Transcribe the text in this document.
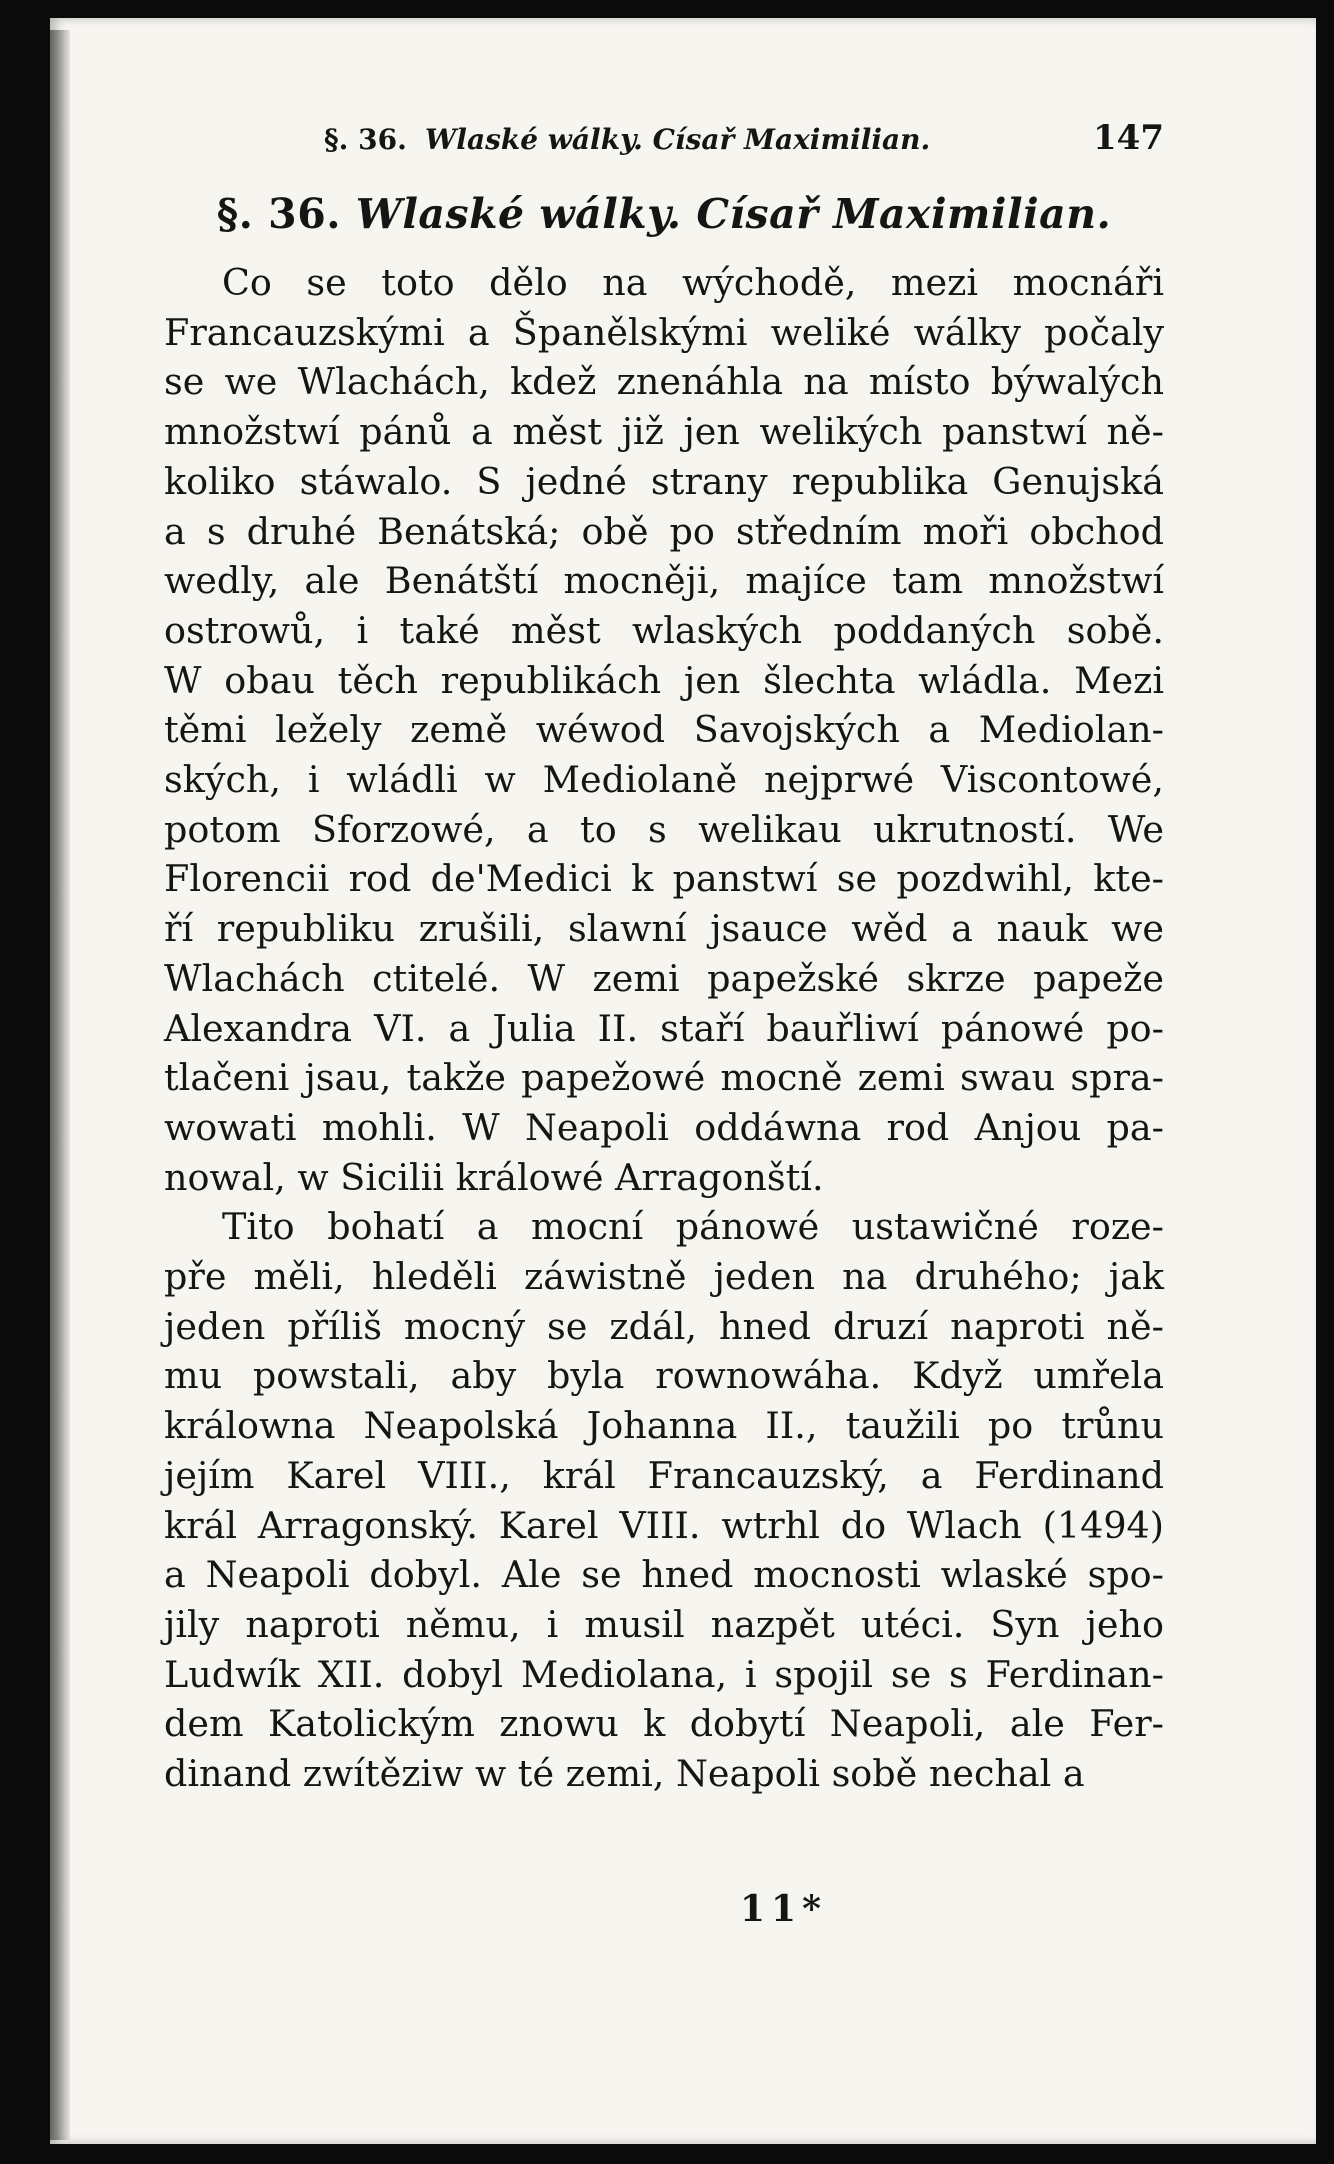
§. 36. Wlaské wálky. Císař Maximilian.	147
§. 36. Wlaské wálky. Císař Maximilian.
Co se toto dělo na wýchodě, mezi mocnáři
Francauzskými a Španělskými weliké wálky počaly
se we Wlachách, kdež znenáhla na místo býwalých
množstwí pánů a měst již jen welikých panstwí ně-
koliko stáwalo. S jedné strany republika Genujská
a s druhé Benátská; obě po středním moři obchod
wedly, ale Benátští mocněji, majíce tam množstwí
ostrowů, i také měst wlaských poddaných sobě.
W obau těch republikách jen šlechta wládla. Mezi
těmi ležely země wéwod Savojských a Mediolan-
ských, i wládli w Mediolaně nejprwé Viscontowé,
potom Sforzowé, a to s welikau ukrutností. We
Florencii rod de'Medici k panstwí se pozdwihl, kte-
ří republiku zrušili, slawní jsauce wěd a nauk we
Wlachách ctitelé. W zemi papežské skrze papeže
Alexandra VI. a Julia II. staří bauřliwí pánowé po-
tlačeni jsau, takže papežowé mocně zemi swau spra-
wowati mohli. W Neapoli oddáwna rod Anjou pa-
nowal, w Sicilii králowé Arragonští.
Tito bohatí a mocní pánowé ustawičné roze-
pře měli, hleděli záwistně jeden na druhého; jak
jeden příliš mocný se zdál, hned druzí naproti ně-
mu powstali, aby byla rownowáha. Když umřela
králowna Neapolská Johanna II., taužili po trůnu
jejím Karel VIII., král Francauzský, a Ferdinand
král Arragonský. Karel VIII. wtrhl do Wlach (1494)
a Neapoli dobyl. Ale se hned mocnosti wlaské spo-
jily naproti němu, i musil nazpět utéci. Syn jeho
Ludwík XII. dobyl Mediolana, i spojil se s Ferdinan-
dem Katolickým znowu k dobytí Neapoli, ale Fer-
dinand zwítěziw w té zemi, Neapoli sobě nechal a
11*
